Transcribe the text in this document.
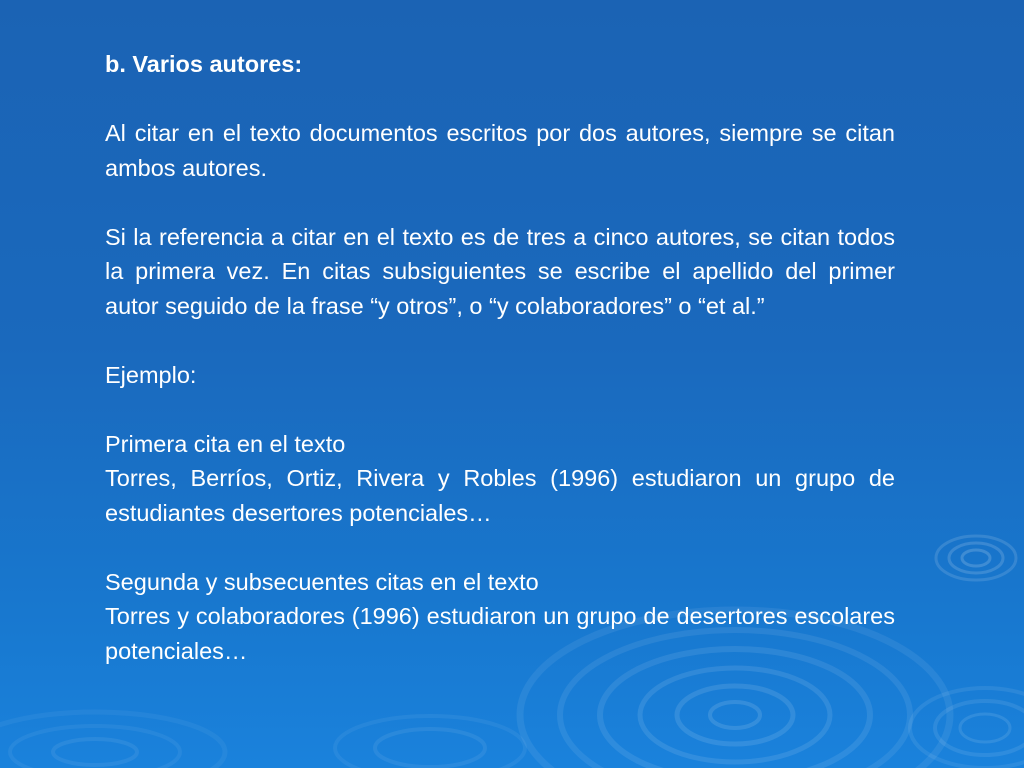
b. Varios autores:
Al citar en el texto documentos escritos por dos autores, siempre se citan ambos autores.
Si la referencia a citar en el texto es de tres a cinco autores, se citan todos la primera vez. En citas subsiguientes se escribe el apellido del primer autor seguido de la frase “y otros”, o “y colaboradores” o “et al.”
Ejemplo:
Primera cita en el texto
Torres, Berríos, Ortiz, Rivera y Robles (1996) estudiaron un grupo de estudiantes desertores potenciales…
Segunda y subsecuentes citas en el texto
Torres y colaboradores (1996) estudiaron un grupo de desertores escolares potenciales…
